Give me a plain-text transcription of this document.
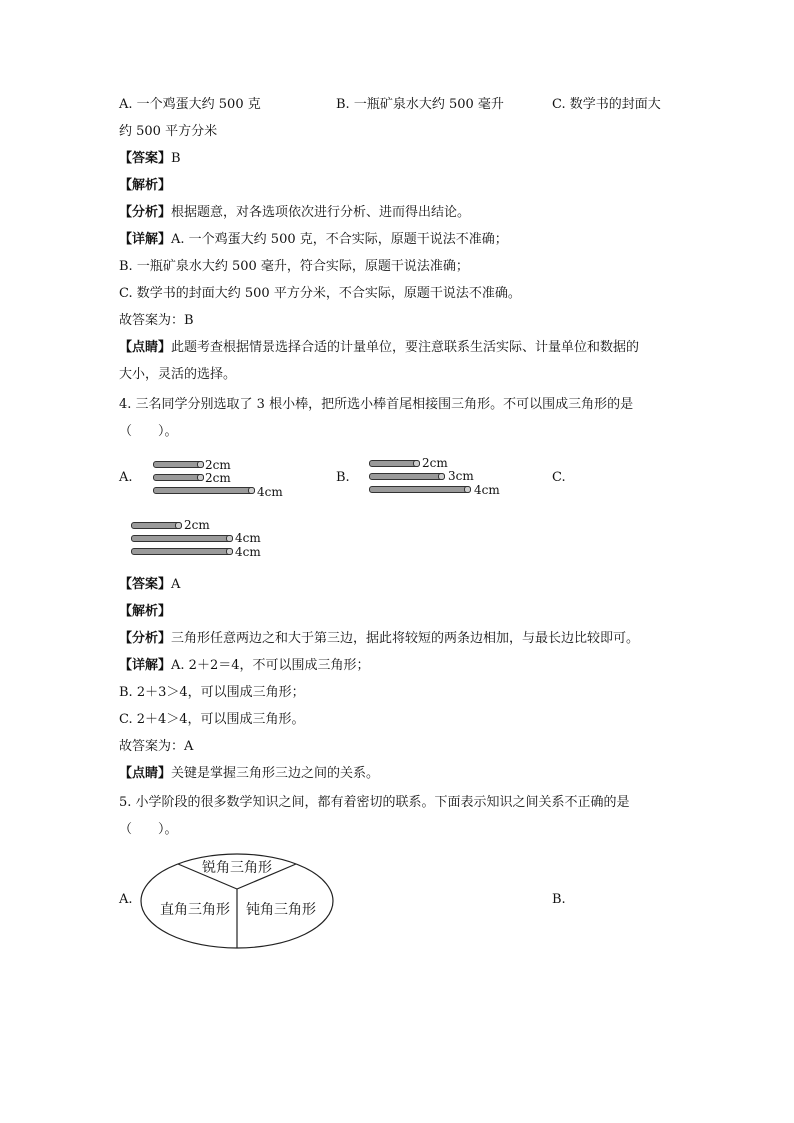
A. 一个鸡蛋大约 500 克	B. 一瓶矿泉水大约 500 毫升	C. 数学书的封面大
约 500 平方分米
【答案】B
【解析】
【分析】根据题意，对各选项依次进行分析、进而得出结论。
【详解】A. 一个鸡蛋大约 500 克，不合实际，原题干说法不准确；
B. 一瓶矿泉水大约 500 毫升，符合实际，原题干说法准确；
C. 数学书的封面大约 500 平方分米，不合实际，原题干说法不准确。
故答案为：B
【点睛】此题考查根据情景选择合适的计量单位，要注意联系生活实际、计量单位和数据的
大小，灵活的选择。
4. 三名同学分别选取了 3 根小棒，把所选小棒首尾相接围三角形。不可以围成三角形的是
（　　）。
A.	B.	C.
2cm
2cm
4cm
2cm
3cm
4cm
2cm
4cm
4cm
【答案】A
【解析】
【分析】三角形任意两边之和大于第三边，据此将较短的两条边相加，与最长边比较即可。
【详解】A. 2＋2＝4，不可以围成三角形；
B. 2＋3＞4，可以围成三角形；
C. 2＋4＞4，可以围成三角形。
故答案为：A
【点睛】关键是掌握三角形三边之间的关系。
5. 小学阶段的很多数学知识之间，都有着密切的联系。下面表示知识之间关系不正确的是
（　　）。
A.	B.
锐角三角形
直角三角形 钝角三角形
